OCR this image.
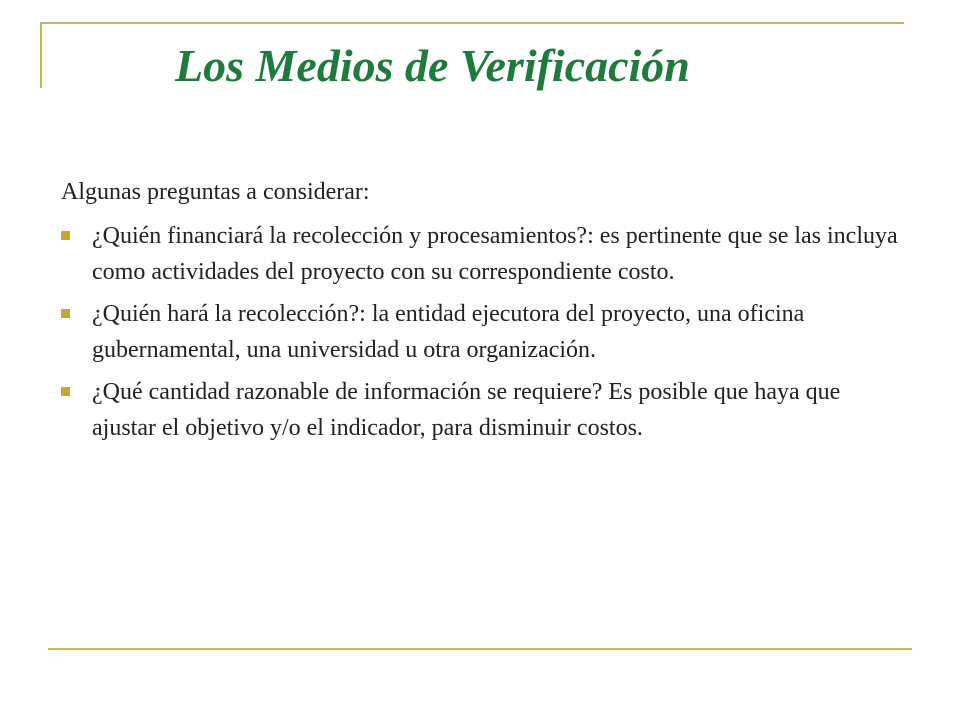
Los Medios de Verificación

Algunas preguntas a considerar:

¿Quién financiará la recolección y procesamientos?: es pertinente que se las incluya como actividades del proyecto con su correspondiente costo.
¿Quién hará la recolección?: la entidad ejecutora del proyecto, una oficina gubernamental, una universidad u otra organización.
¿Qué cantidad razonable de información se requiere? Es posible que haya que ajustar el objetivo y/o el indicador, para disminuir costos.
